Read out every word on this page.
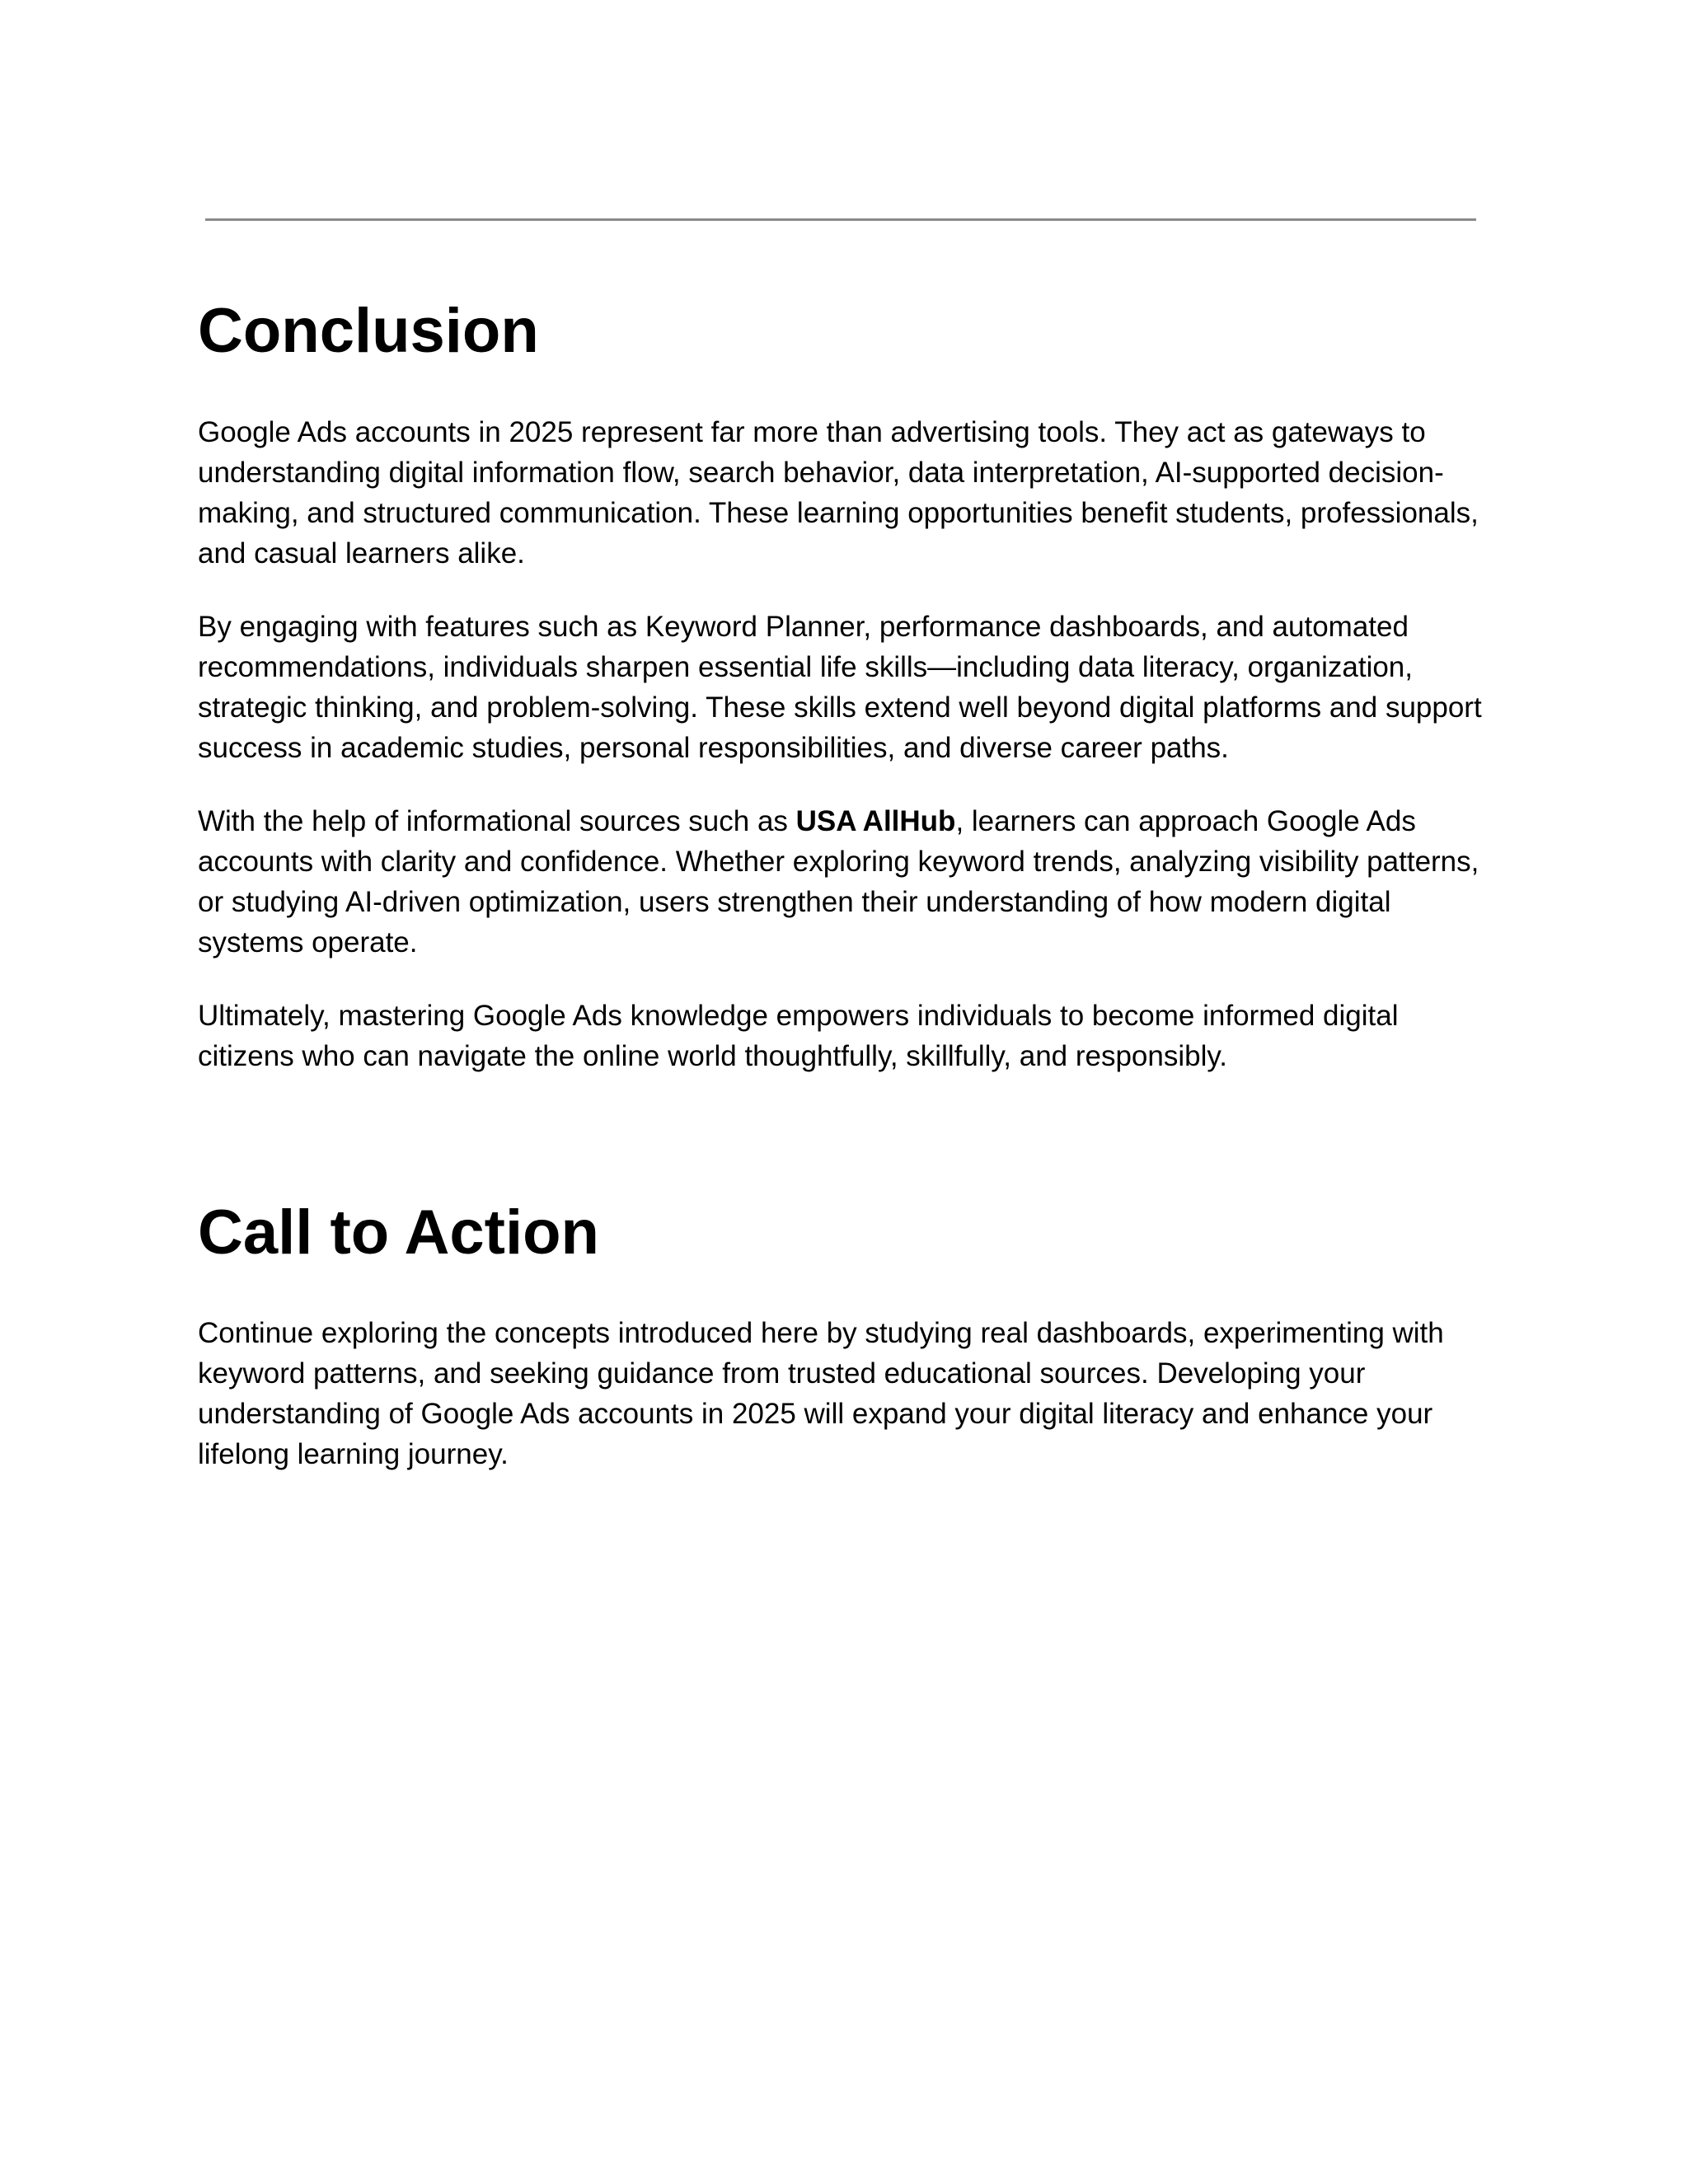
Conclusion

Google Ads accounts in 2025 represent far more than advertising tools. They act as gateways to understanding digital information flow, search behavior, data interpretation, AI-supported decision-making, and structured communication. These learning opportunities benefit students, professionals, and casual learners alike.

By engaging with features such as Keyword Planner, performance dashboards, and automated recommendations, individuals sharpen essential life skills—including data literacy, organization, strategic thinking, and problem-solving. These skills extend well beyond digital platforms and support success in academic studies, personal responsibilities, and diverse career paths.

With the help of informational sources such as USA AllHub, learners can approach Google Ads accounts with clarity and confidence. Whether exploring keyword trends, analyzing visibility patterns, or studying AI-driven optimization, users strengthen their understanding of how modern digital systems operate.

Ultimately, mastering Google Ads knowledge empowers individuals to become informed digital citizens who can navigate the online world thoughtfully, skillfully, and responsibly.

Call to Action

Continue exploring the concepts introduced here by studying real dashboards, experimenting with keyword patterns, and seeking guidance from trusted educational sources. Developing your understanding of Google Ads accounts in 2025 will expand your digital literacy and enhance your lifelong learning journey.
